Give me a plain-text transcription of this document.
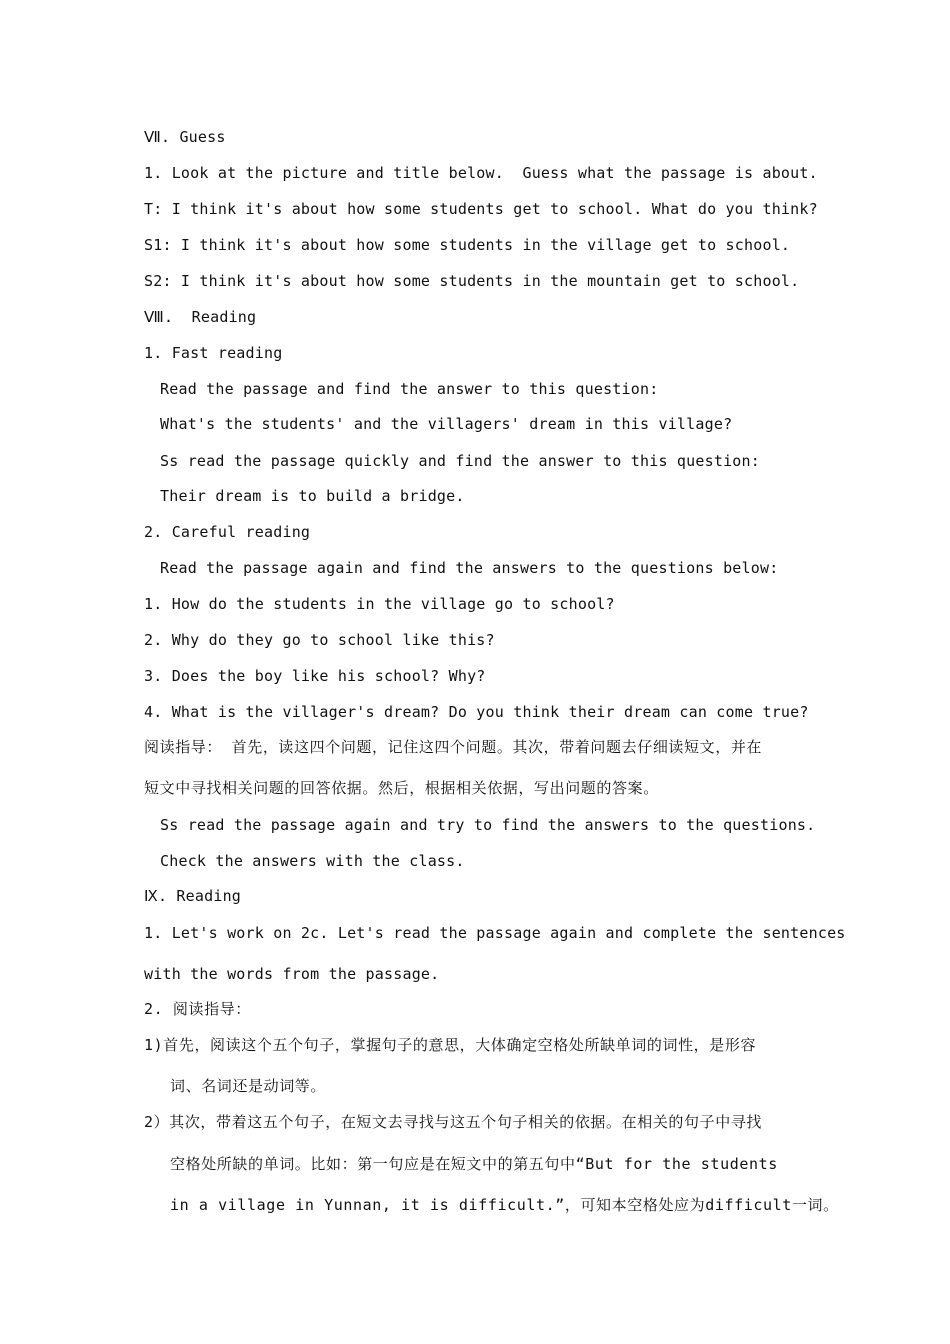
Ⅶ. Guess
1. Look at the picture and title below.  Guess what the passage is about.
T: I think it's about how some students get to school. What do you think?
S1: I think it's about how some students in the village get to school.
S2: I think it's about how some students in the mountain get to school.
Ⅷ.  Reading
1. Fast reading
Read the passage and find the answer to this question:
What's the students' and the villagers' dream in this village?
Ss read the passage quickly and find the answer to this question:
Their dream is to build a bridge.
2. Careful reading
Read the passage again and find the answers to the questions below:
1. How do the students in the village go to school?
2. Why do they go to school like this?
3. Does the boy like his school? Why?
4. What is the villager's dream? Do you think their dream can come true?
阅读指导： 首先，读这四个问题，记住这四个问题。其次，带着问题去仔细读短文，并在
短文中寻找相关问题的回答依据。然后，根据相关依据，写出问题的答案。
Ss read the passage again and try to find the answers to the questions.
Check the answers with the class.
Ⅸ. Reading
1. Let's work on 2c. Let's read the passage again and complete the sentences
with the words from the passage.
2. 阅读指导：
1)首先，阅读这个五个句子，掌握句子的意思，大体确定空格处所缺单词的词性，是形容
词、名词还是动词等。
2）其次，带着这五个句子，在短文去寻找与这五个句子相关的依据。在相关的句子中寻找
空格处所缺的单词。比如：第一句应是在短文中的第五句中“But for the students
in a village in Yunnan, it is difficult.”，可知本空格处应为difficult一词。
